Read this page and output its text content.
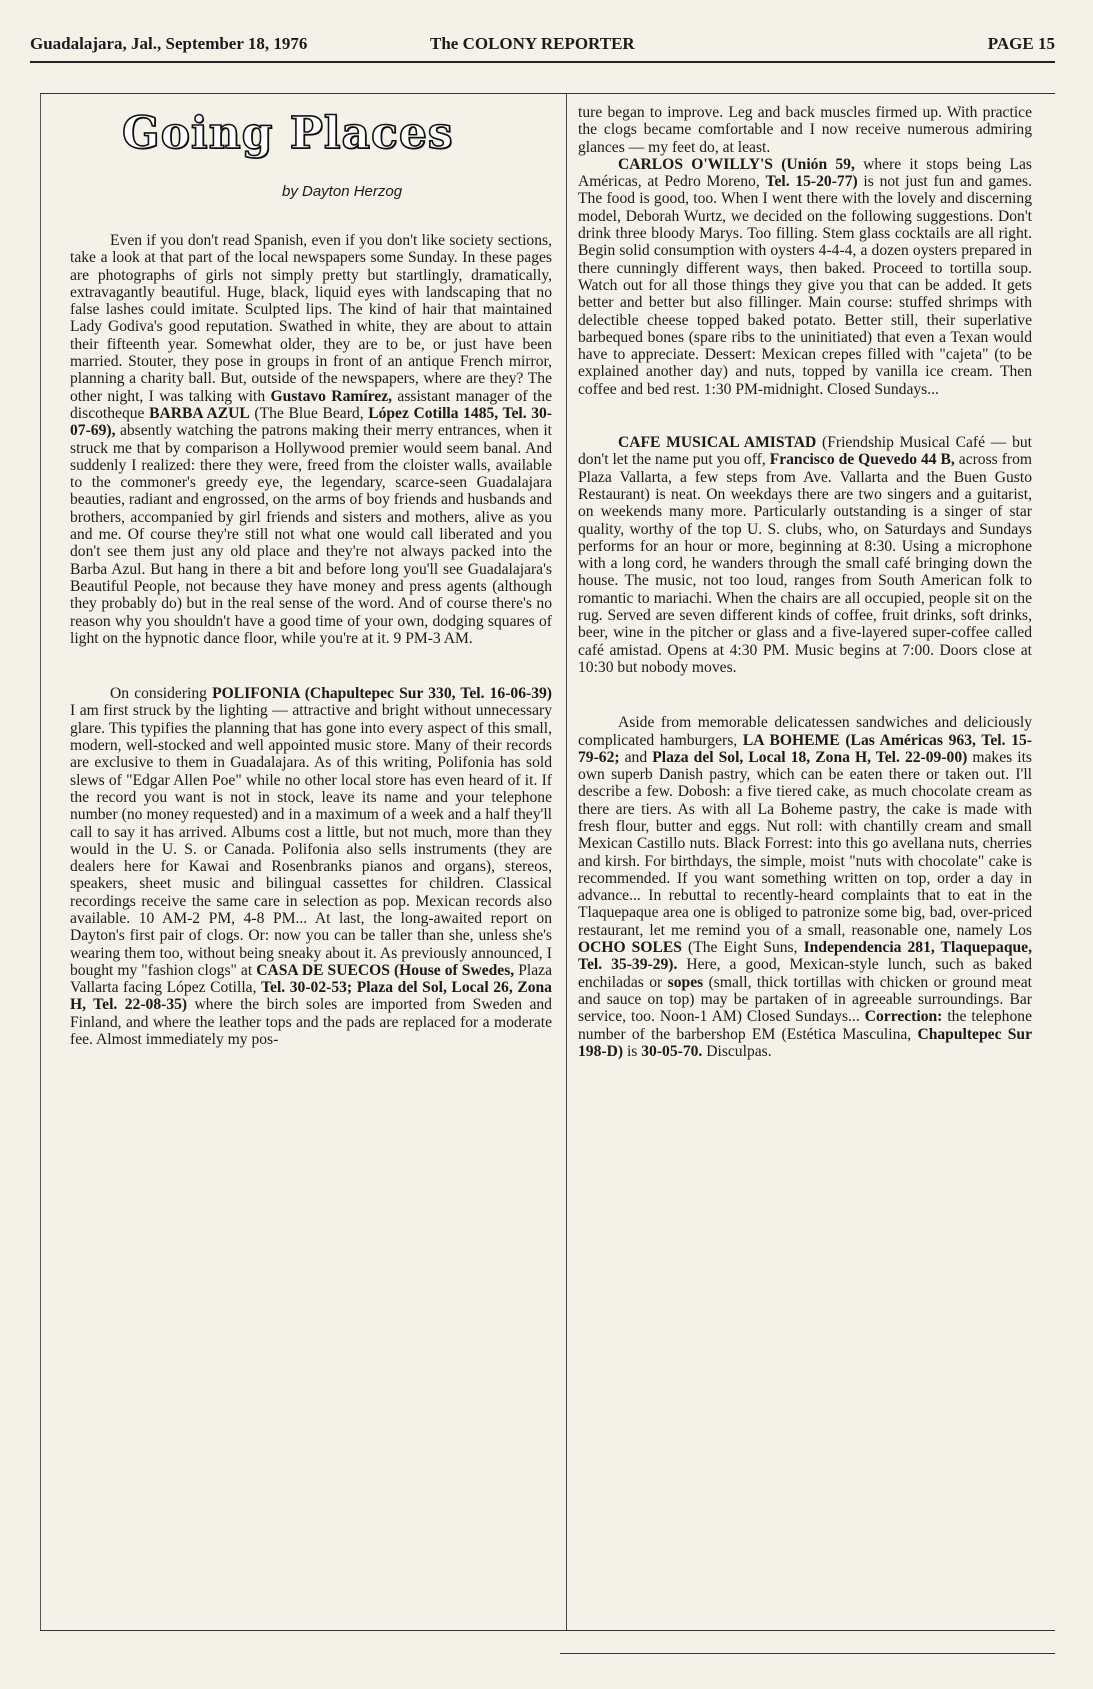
Guadalajara, Jal., September 18, 1976	The COLONY REPORTER	PAGE 15
Going Places
by Dayton Herzog

Even if you don't read Spanish, even if you don't like society sections, take a look at that part of the local newspapers some Sunday. In these pages are photographs of girls not simply pretty but startlingly, dramatically, extravagantly beautiful. Huge, black, liquid eyes with landscaping that no false lashes could imitate. Sculpted lips. The kind of hair that maintained Lady Godiva's good reputation. Swathed in white, they are about to attain their fifteenth year. Somewhat older, they are to be, or just have been married. Stouter, they pose in groups in front of an antique French mirror, planning a charity ball. But, outside of the newspapers, where are they? The other night, I was talking with Gustavo Ramírez, assistant manager of the discotheque BARBA AZUL (The Blue Beard, López Cotilla 1485, Tel. 30-07-69), absently watching the patrons making their merry entrances, when it struck me that by comparison a Hollywood premier would seem banal. And suddenly I realized: there they were, freed from the cloister walls, available to the commoner's greedy eye, the legendary, scarce-seen Guadalajara beauties, radiant and engrossed, on the arms of boy friends and husbands and brothers, accompanied by girl friends and sisters and mothers, alive as you and me. Of course they're still not what one would call liberated and you don't see them just any old place and they're not always packed into the Barba Azul. But hang in there a bit and before long you'll see Guadalajara's Beautiful People, not because they have money and press agents (although they probably do) but in the real sense of the word. And of course there's no reason why you shouldn't have a good time of your own, dodging squares of light on the hypnotic dance floor, while you're at it. 9 PM-3 AM.

On considering POLIFONIA (Chapultepec Sur 330, Tel. 16-06-39) I am first struck by the lighting — attractive and bright without unnecessary glare. This typifies the planning that has gone into every aspect of this small, modern, well-stocked and well appointed music store. Many of their records are exclusive to them in Guadalajara. As of this writing, Polifonia has sold slews of "Edgar Allen Poe" while no other local store has even heard of it. If the record you want is not in stock, leave its name and your telephone number (no money requested) and in a maximum of a week and a half they'll call to say it has arrived. Albums cost a little, but not much, more than they would in the U. S. or Canada. Polifonia also sells instruments (they are dealers here for Kawai and Rosenbranks pianos and organs), stereos, speakers, sheet music and bilingual cassettes for children. Classical recordings receive the same care in selection as pop. Mexican records also available. 10 AM-2 PM, 4-8 PM... At last, the long-awaited report on Dayton's first pair of clogs. Or: now you can be taller than she, unless she's wearing them too, without being sneaky about it. As previously announced, I bought my "fashion clogs" at CASA DE SUECOS (House of Swedes, Plaza Vallarta facing López Cotilla, Tel. 30-02-53; Plaza del Sol, Local 26, Zona H, Tel. 22-08-35) where the birch soles are imported from Sweden and Finland, and where the leather tops and the pads are replaced for a moderate fee. Almost immediately my pos-

ture began to improve. Leg and back muscles firmed up. With practice the clogs became comfortable and I now receive numerous admiring glances — my feet do, at least.
CARLOS O'WILLY'S (Unión 59, where it stops being Las Américas, at Pedro Moreno, Tel. 15-20-77) is not just fun and games. The food is good, too. When I went there with the lovely and discerning model, Deborah Wurtz, we decided on the following suggestions. Don't drink three bloody Marys. Too filling. Stem glass cocktails are all right. Begin solid consumption with oysters 4-4-4, a dozen oysters prepared in there cunningly different ways, then baked. Proceed to tortilla soup. Watch out for all those things they give you that can be added. It gets better and better but also fillinger. Main course: stuffed shrimps with delectible cheese topped baked potato. Better still, their superlative barbequed bones (spare ribs to the uninitiated) that even a Texan would have to appreciate. Dessert: Mexican crepes filled with "cajeta" (to be explained another day) and nuts, topped by vanilla ice cream. Then coffee and bed rest. 1:30 PM-midnight. Closed Sundays...

CAFE MUSICAL AMISTAD (Friendship Musical Café — but don't let the name put you off, Francisco de Quevedo 44 B, across from Plaza Vallarta, a few steps from Ave. Vallarta and the Buen Gusto Restaurant) is neat. On weekdays there are two singers and a guitarist, on weekends many more. Particularly outstanding is a singer of star quality, worthy of the top U. S. clubs, who, on Saturdays and Sundays performs for an hour or more, beginning at 8:30. Using a microphone with a long cord, he wanders through the small café bringing down the house. The music, not too loud, ranges from South American folk to romantic to mariachi. When the chairs are all occupied, people sit on the rug. Served are seven different kinds of coffee, fruit drinks, soft drinks, beer, wine in the pitcher or glass and a five-layered super-coffee called café amistad. Opens at 4:30 PM. Music begins at 7:00. Doors close at 10:30 but nobody moves.

Aside from memorable delicatessen sandwiches and deliciously complicated hamburgers, LA BOHEME (Las Américas 963, Tel. 15-79-62; and Plaza del Sol, Local 18, Zona H, Tel. 22-09-00) makes its own superb Danish pastry, which can be eaten there or taken out. I'll describe a few. Dobosh: a five tiered cake, as much chocolate cream as there are tiers. As with all La Boheme pastry, the cake is made with fresh flour, butter and eggs. Nut roll: with chantilly cream and small Mexican Castillo nuts. Black Forrest: into this go avellana nuts, cherries and kirsh. For birthdays, the simple, moist "nuts with chocolate" cake is recommended. If you want something written on top, order a day in advance... In rebuttal to recently-heard complaints that to eat in the Tlaquepaque area one is obliged to patronize some big, bad, over-priced restaurant, let me remind you of a small, reasonable one, namely Los OCHO SOLES (The Eight Suns, Independencia 281, Tlaquepaque, Tel. 35-39-29). Here, a good, Mexican-style lunch, such as baked enchiladas or sopes (small, thick tortillas with chicken or ground meat and sauce on top) may be partaken of in agreeable surroundings. Bar service, too. Noon-1 AM) Closed Sundays... Correction: the telephone number of the barbershop EM (Estética Masculina, Chapultepec Sur 198-D) is 30-05-70. Disculpas.
